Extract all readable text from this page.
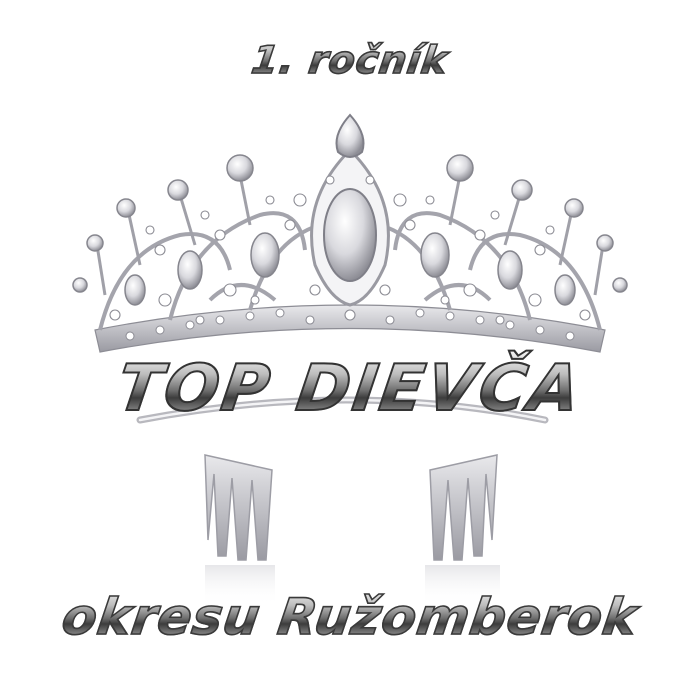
1. ročník
TOP DIEVČA
okresu Ružomberok
